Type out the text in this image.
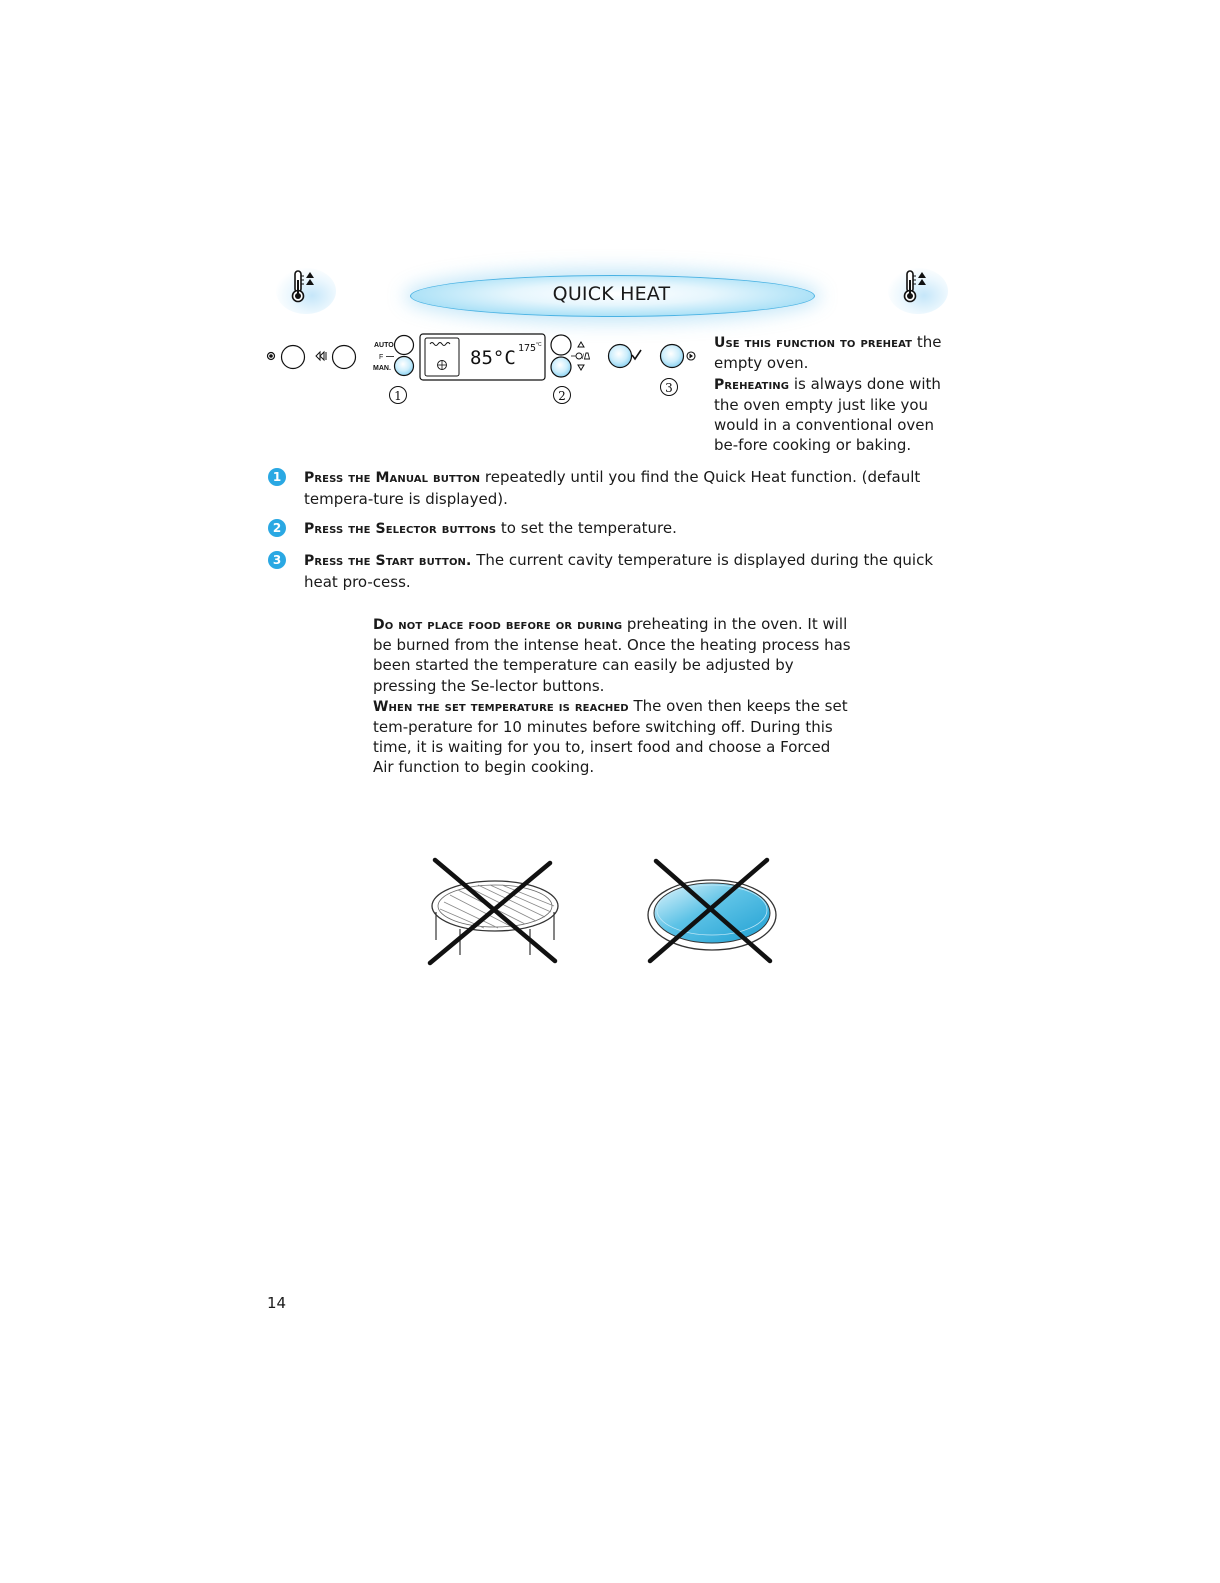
QUICK HEAT
AUTO
F
MAN.	85°C 175 °C
/
1	2
3
Use this function to preheat the empty oven.
Preheating is always done with the oven empty just like you would in a conventional oven be-fore cooking or baking.
1	Press the Manual button repeatedly until you find the Quick Heat function. (default tempera-ture is displayed).
2	Press the Selector buttons to set the temperature.
3	Press the Start button. The current cavity temperature is displayed during the quick heat pro-cess.
Do not place food before or during preheating in the oven. It will be burned from the intense heat. Once the heating process has been started the temperature can easily be adjusted by pressing the Se-lector buttons.
When the set temperature is reached The oven then keeps the set tem-perature for 10 minutes before switching off. During this time, it is waiting for you to, insert food and choose a Forced Air function to begin cooking.
14
